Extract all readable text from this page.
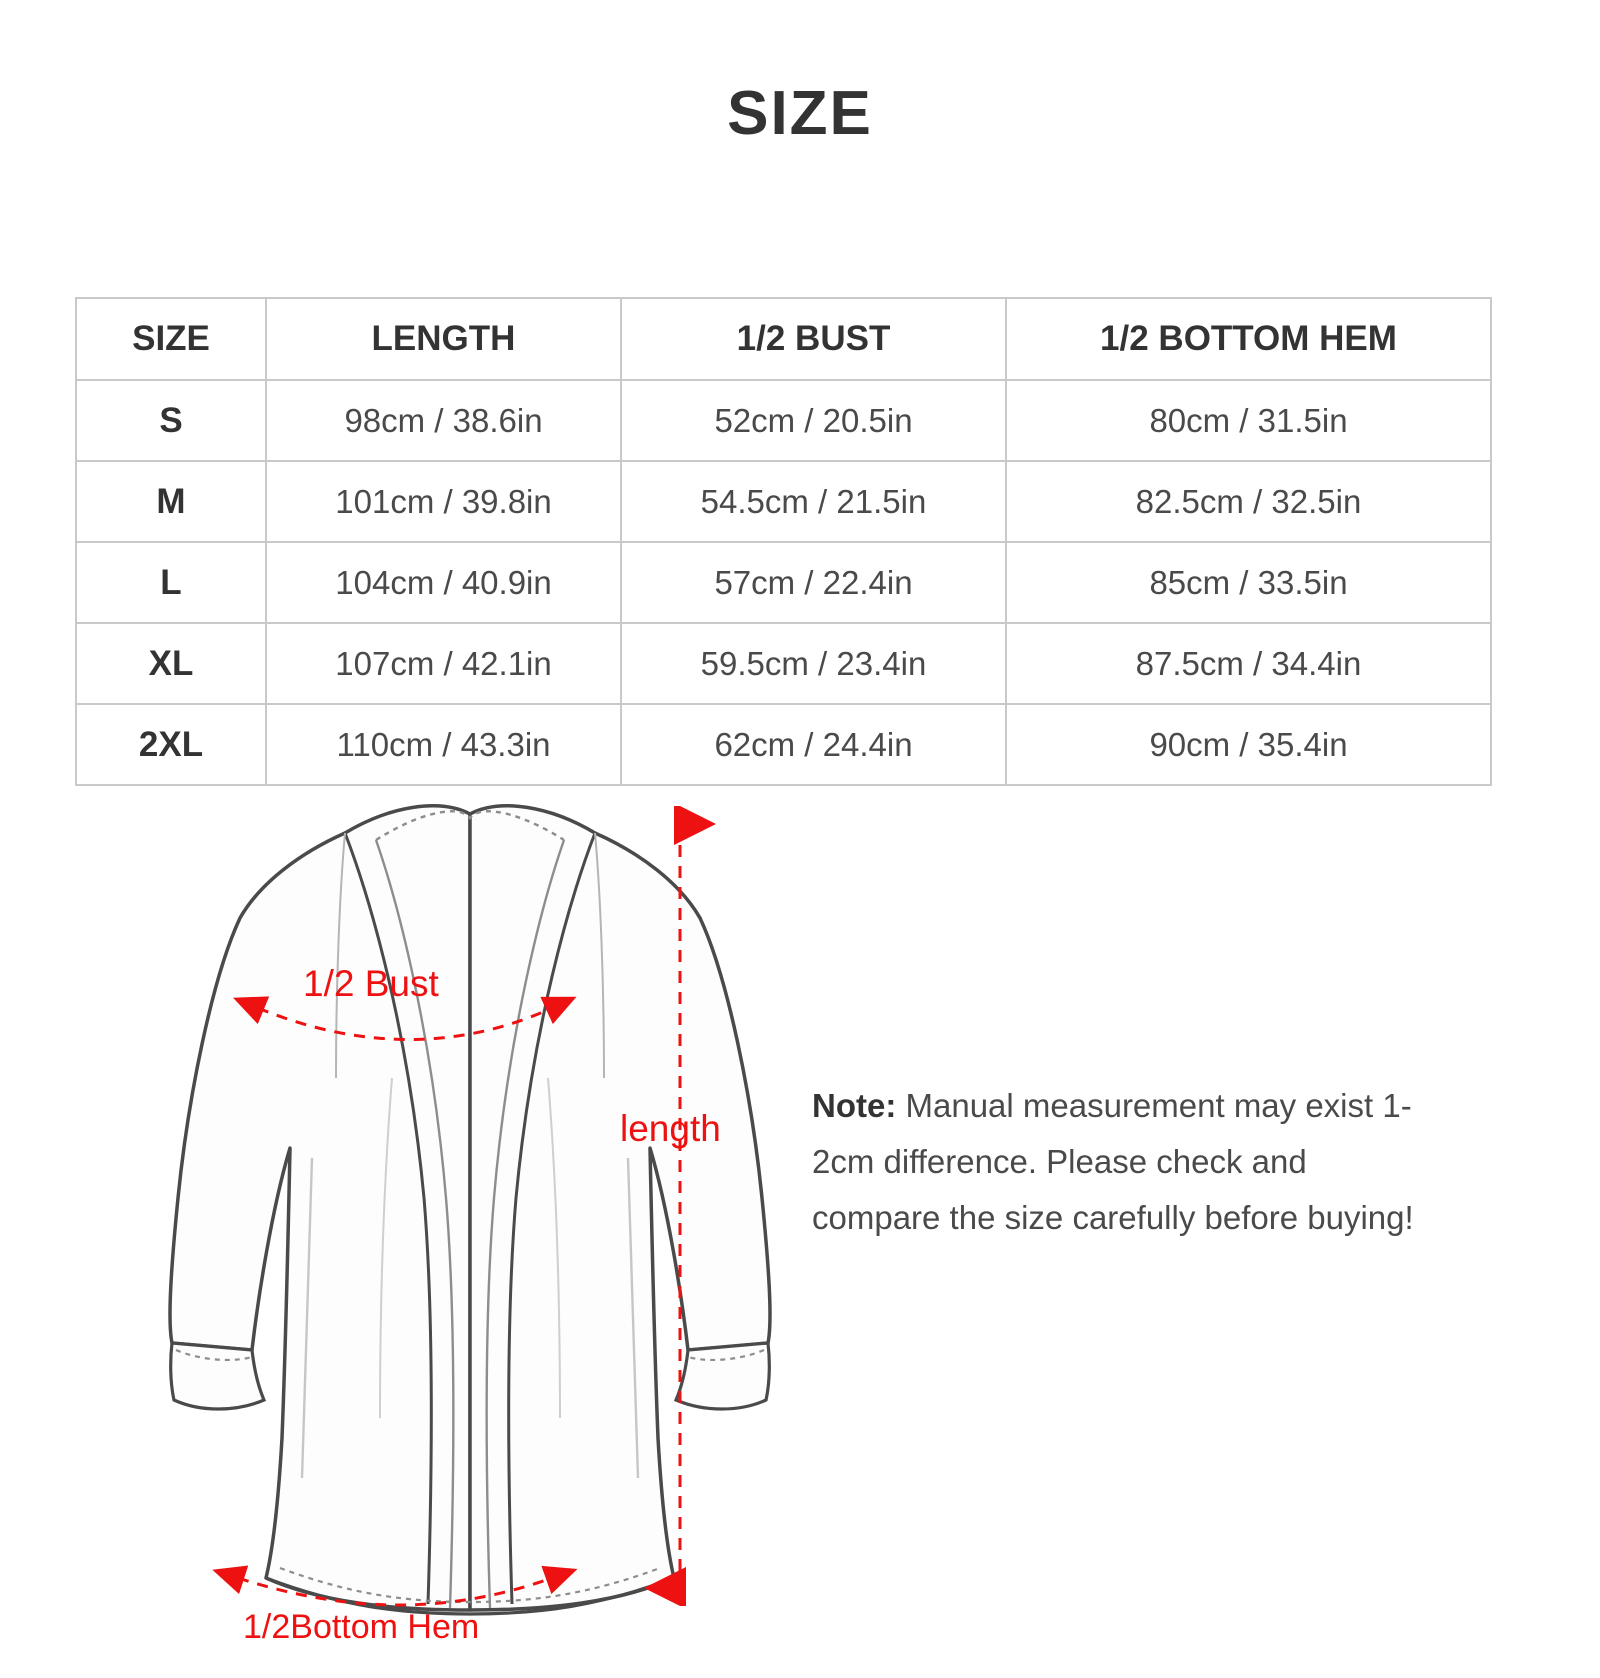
SIZE
SIZE	LENGTH	1/2 BUST	1/2 BOTTOM HEM
S	98cm / 38.6in	52cm / 20.5in	80cm / 31.5in
M	101cm / 39.8in	54.5cm / 21.5in	82.5cm / 32.5in
L	104cm / 40.9in	57cm / 22.4in	85cm / 33.5in
XL	107cm / 42.1in	59.5cm / 23.4in	87.5cm / 34.4in
2XL	110cm / 43.3in	62cm / 24.4in	90cm / 35.4in
1/2 Bust
1/2Bottom Hem
length
Note: Manual measurement may exist 1-2cm difference. Please check and compare the size carefully before buying!
